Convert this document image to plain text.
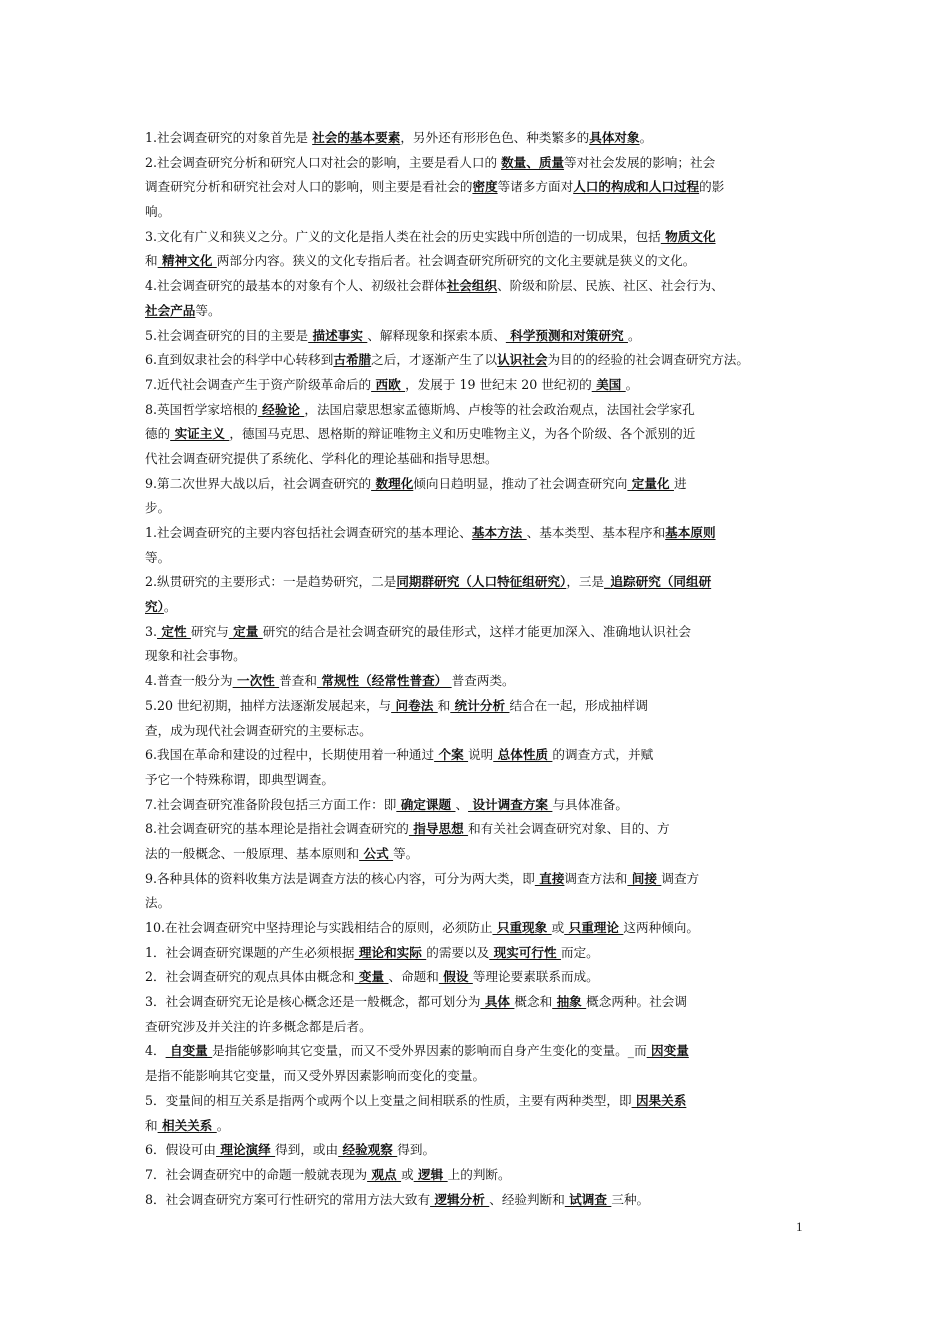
1.社会调查研究的对象首先是 社会的基本要素，另外还有形形色色、种类繁多的具体对象。
2.社会调查研究分析和研究人口对社会的影响，主要是看人口的 数量、质量等对社会发展的影响；社会
调查研究分析和研究社会对人口的影响，则主要是看社会的密度等诸多方面对人口的构成和人口过程的影
响。
3.文化有广义和狭义之分。广义的文化是指人类在社会的历史实践中所创造的一切成果，包括 物质文化
和 精神文化 两部分内容。狭义的文化专指后者。社会调查研究所研究的文化主要就是狭义的文化。
4.社会调查研究的最基本的对象有个人、初级社会群体社会组织、阶级和阶层、民族、社区、社会行为、
社会产品等。
5.社会调查研究的目的主要是 描述事实 、解释现象和探索本质、 科学预测和对策研究 。
6.直到奴隶社会的科学中心转移到古希腊之后，才逐渐产生了以认识社会为目的的经验的社会调查研究方法。
7.近代社会调查产生于资产阶级革命后的 西欧 ，发展于 19 世纪末 20 世纪初的 美国 。
8.英国哲学家培根的 经验论 ，法国启蒙思想家孟德斯鸠、卢梭等的社会政治观点，法国社会学家孔
德的 实证主义 ，德国马克思、恩格斯的辩证唯物主义和历史唯物主义，为各个阶级、各个派别的近
代社会调查研究提供了系统化、学科化的理论基础和指导思想。
9.第二次世界大战以后，社会调查研究的 数理化倾向日趋明显，推动了社会调查研究向 定量化 进
步。
1.社会调查研究的主要内容包括社会调查研究的基本理论、基本方法 、基本类型、基本程序和基本原则
等。
2.纵贯研究的主要形式：一是趋势研究，二是同期群研究（人口特征组研究），三是_追踪研究（同组研
究）。
3. 定性 研究与 定量 研究的结合是社会调查研究的最佳形式，这样才能更加深入、准确地认识社会
现象和社会事物。
4.普查一般分为 一次性 普查和 常规性（经常性普查） 普查两类。
5.20 世纪初期，抽样方法逐渐发展起来，与 问卷法 和 统计分析 结合在一起，形成抽样调
查，成为现代社会调查研究的主要标志。
6.我国在革命和建设的过程中，长期使用着一种通过 个案 说明 总体性质 的调查方式，并赋
予它一个特殊称谓，即典型调查。
7.社会调查研究准备阶段包括三方面工作：即 确定课题 、 设计调查方案 与具体准备。
8.社会调查研究的基本理论是指社会调查研究的 指导思想 和有关社会调查研究对象、目的、方
法的一般概念、一般原理、基本原则和 公式 等。
9.各种具体的资料收集方法是调查方法的核心内容，可分为两大类，即 直接调查方法和 间接 调查方
法。
10.在社会调查研究中坚持理论与实践相结合的原则，必须防止 只重现象 或 只重理论 这两种倾向。
1．社会调查研究课题的产生必须根据 理论和实际 的需要以及 现实可行性 而定。
2．社会调查研究的观点具体由概念和 变量 、命题和 假设 等理论要素联系而成。
3．社会调查研究无论是核心概念还是一般概念，都可划分为 具体 概念和 抽象 概念两种。社会调
查研究涉及并关注的许多概念都是后者。
4． 自变量 是指能够影响其它变量，而又不受外界因素的影响而自身产生变化的变量。_而 因变量
是指不能影响其它变量，而又受外界因素影响而变化的变量。
5．变量间的相互关系是指两个或两个以上变量之间相联系的性质，主要有两种类型，即 因果关系
和 相关关系 。
6．假设可由 理论演绎 得到，或由 经验观察 得到。
7．社会调查研究中的命题一般就表现为 观点 或 逻辑 上的判断。
8．社会调查研究方案可行性研究的常用方法大致有 逻辑分析 、经验判断和 试调查 三种。
1
